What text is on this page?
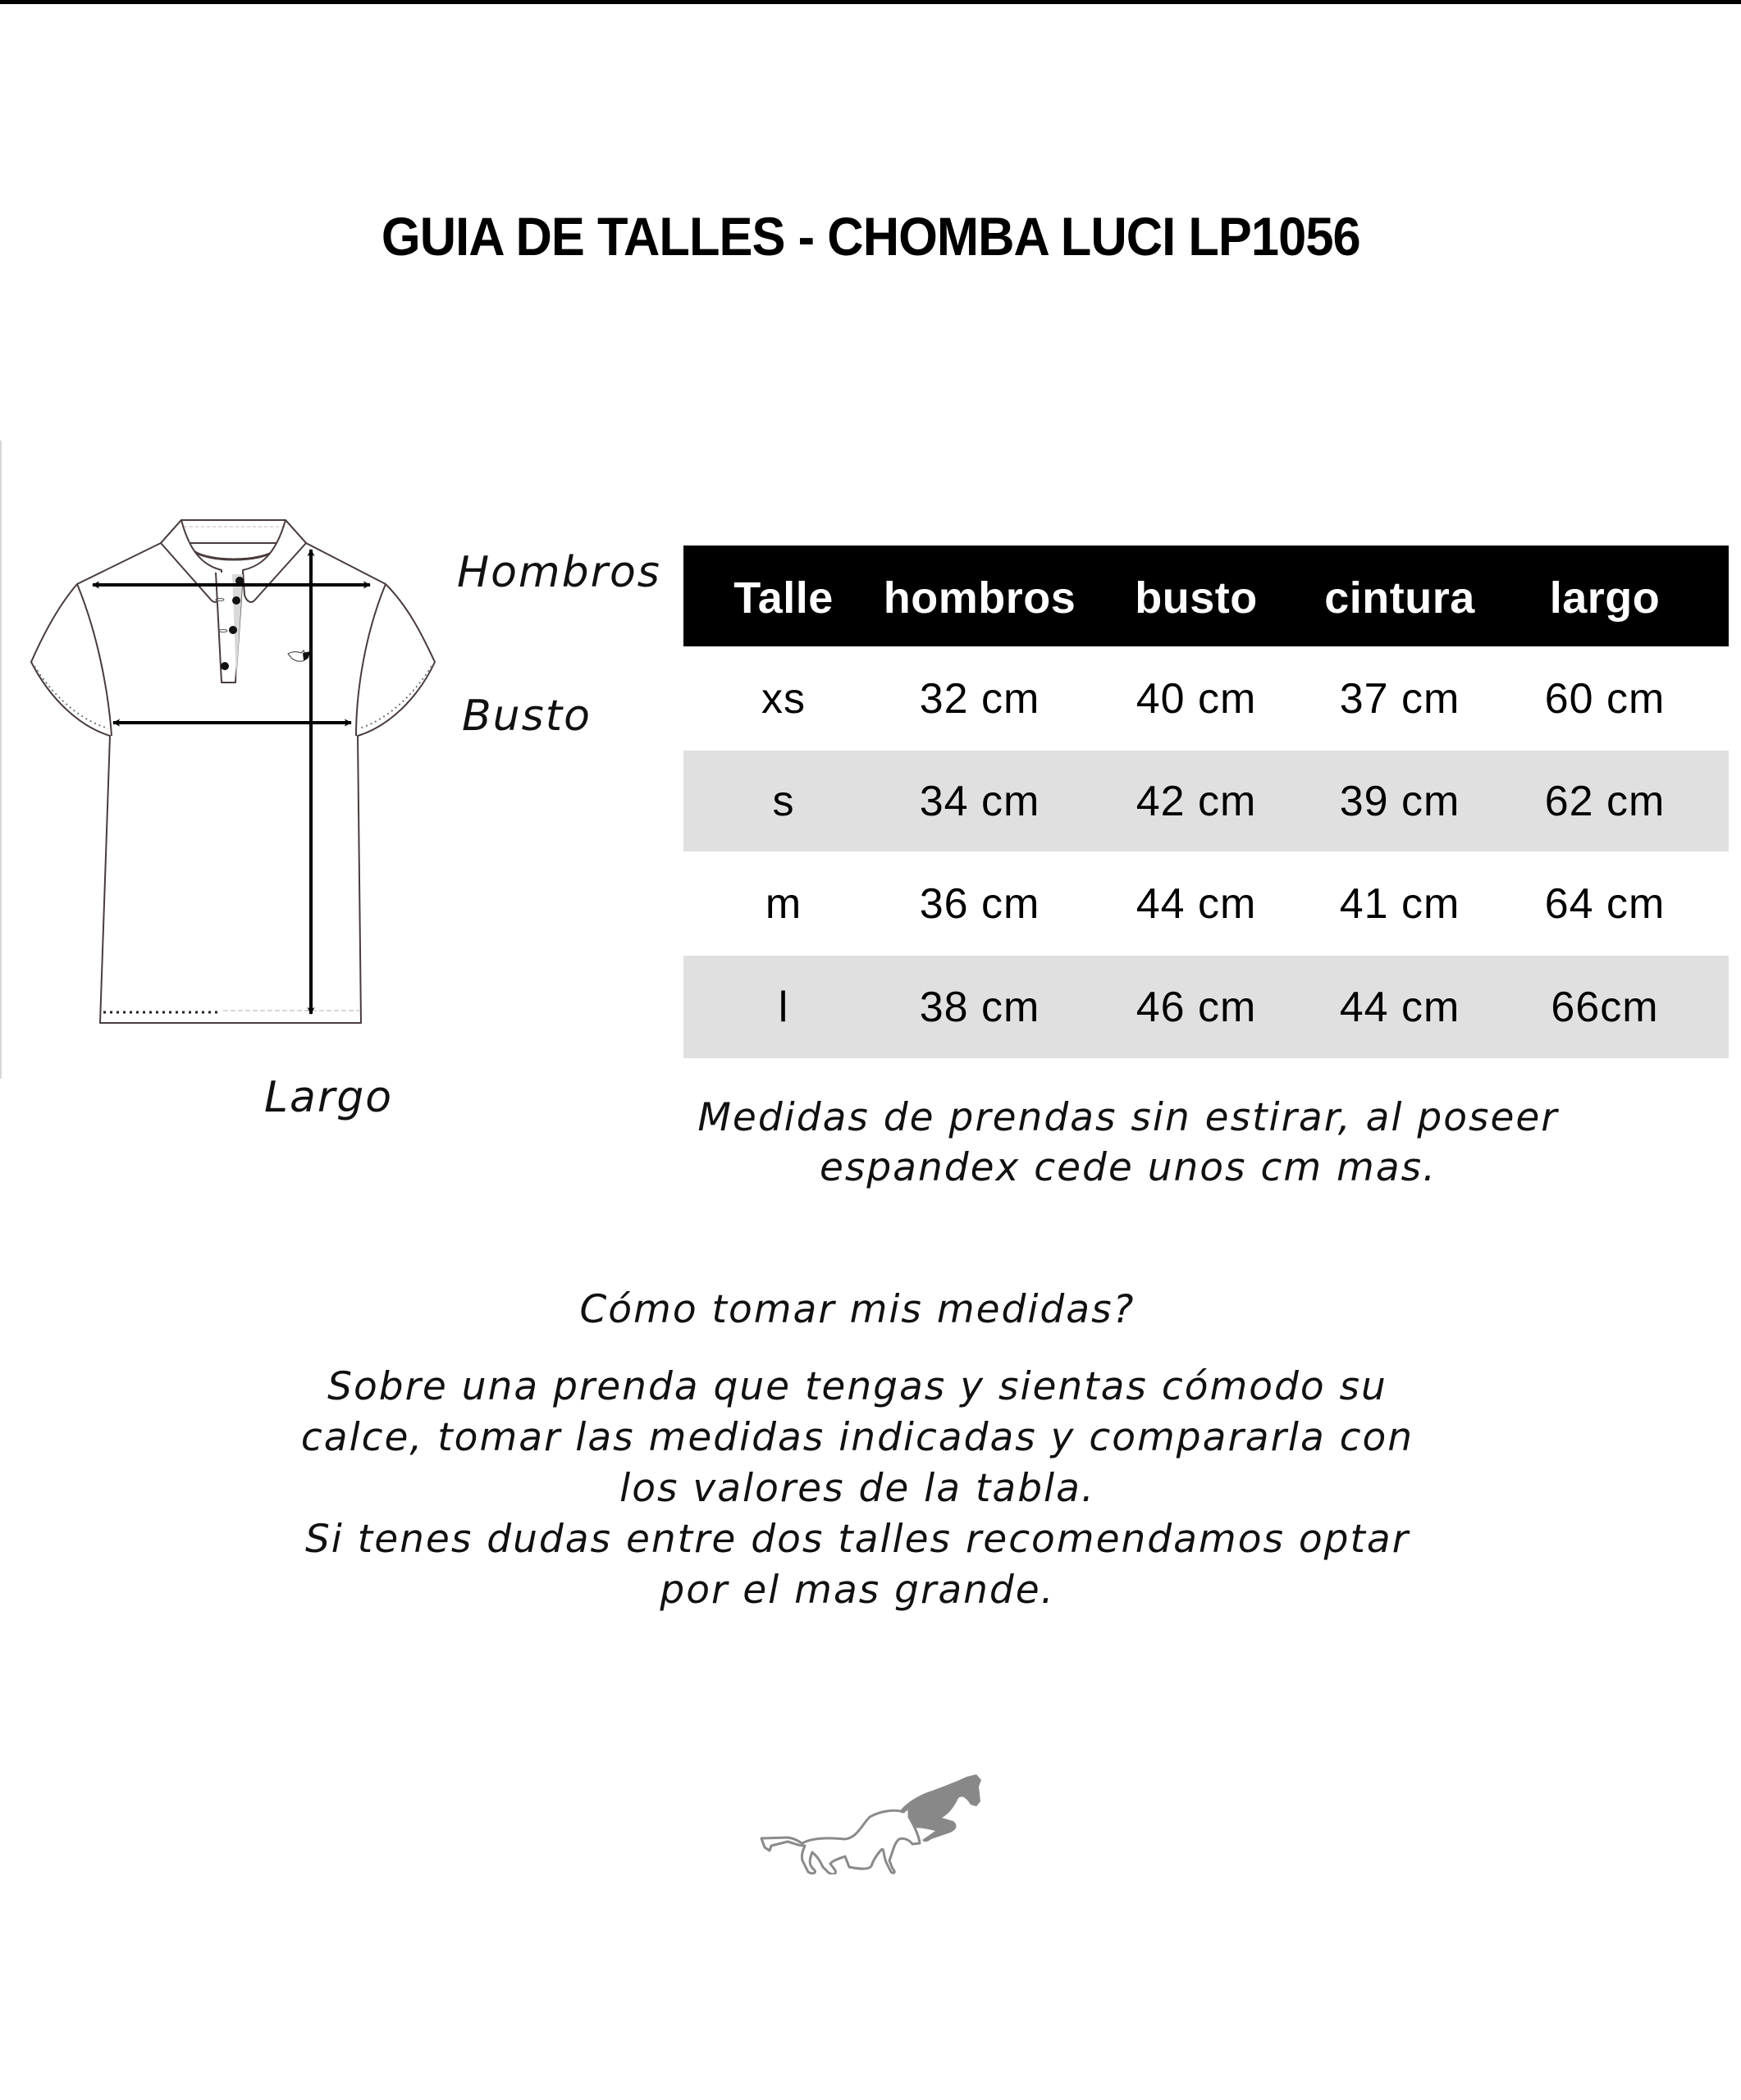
GUIA DE TALLES - CHOMBA LUCI LP1056
Hombros
Busto
Largo
Talle	hombros	busto	cintura	largo
xs	32 cm	40 cm	37 cm	60 cm
s	34 cm	42 cm	39 cm	62 cm
m	36 cm	44 cm	41 cm	64 cm
l	38 cm	46 cm	44 cm	66cm
Medidas de prendas sin estirar, al poseer
espandex cede unos cm mas.
Cómo tomar mis medidas?
Sobre una prenda que tengas y sientas cómodo su
calce, tomar las medidas indicadas y compararla con
los valores de la tabla.
Si tenes dudas entre dos talles recomendamos optar
por el mas grande.
